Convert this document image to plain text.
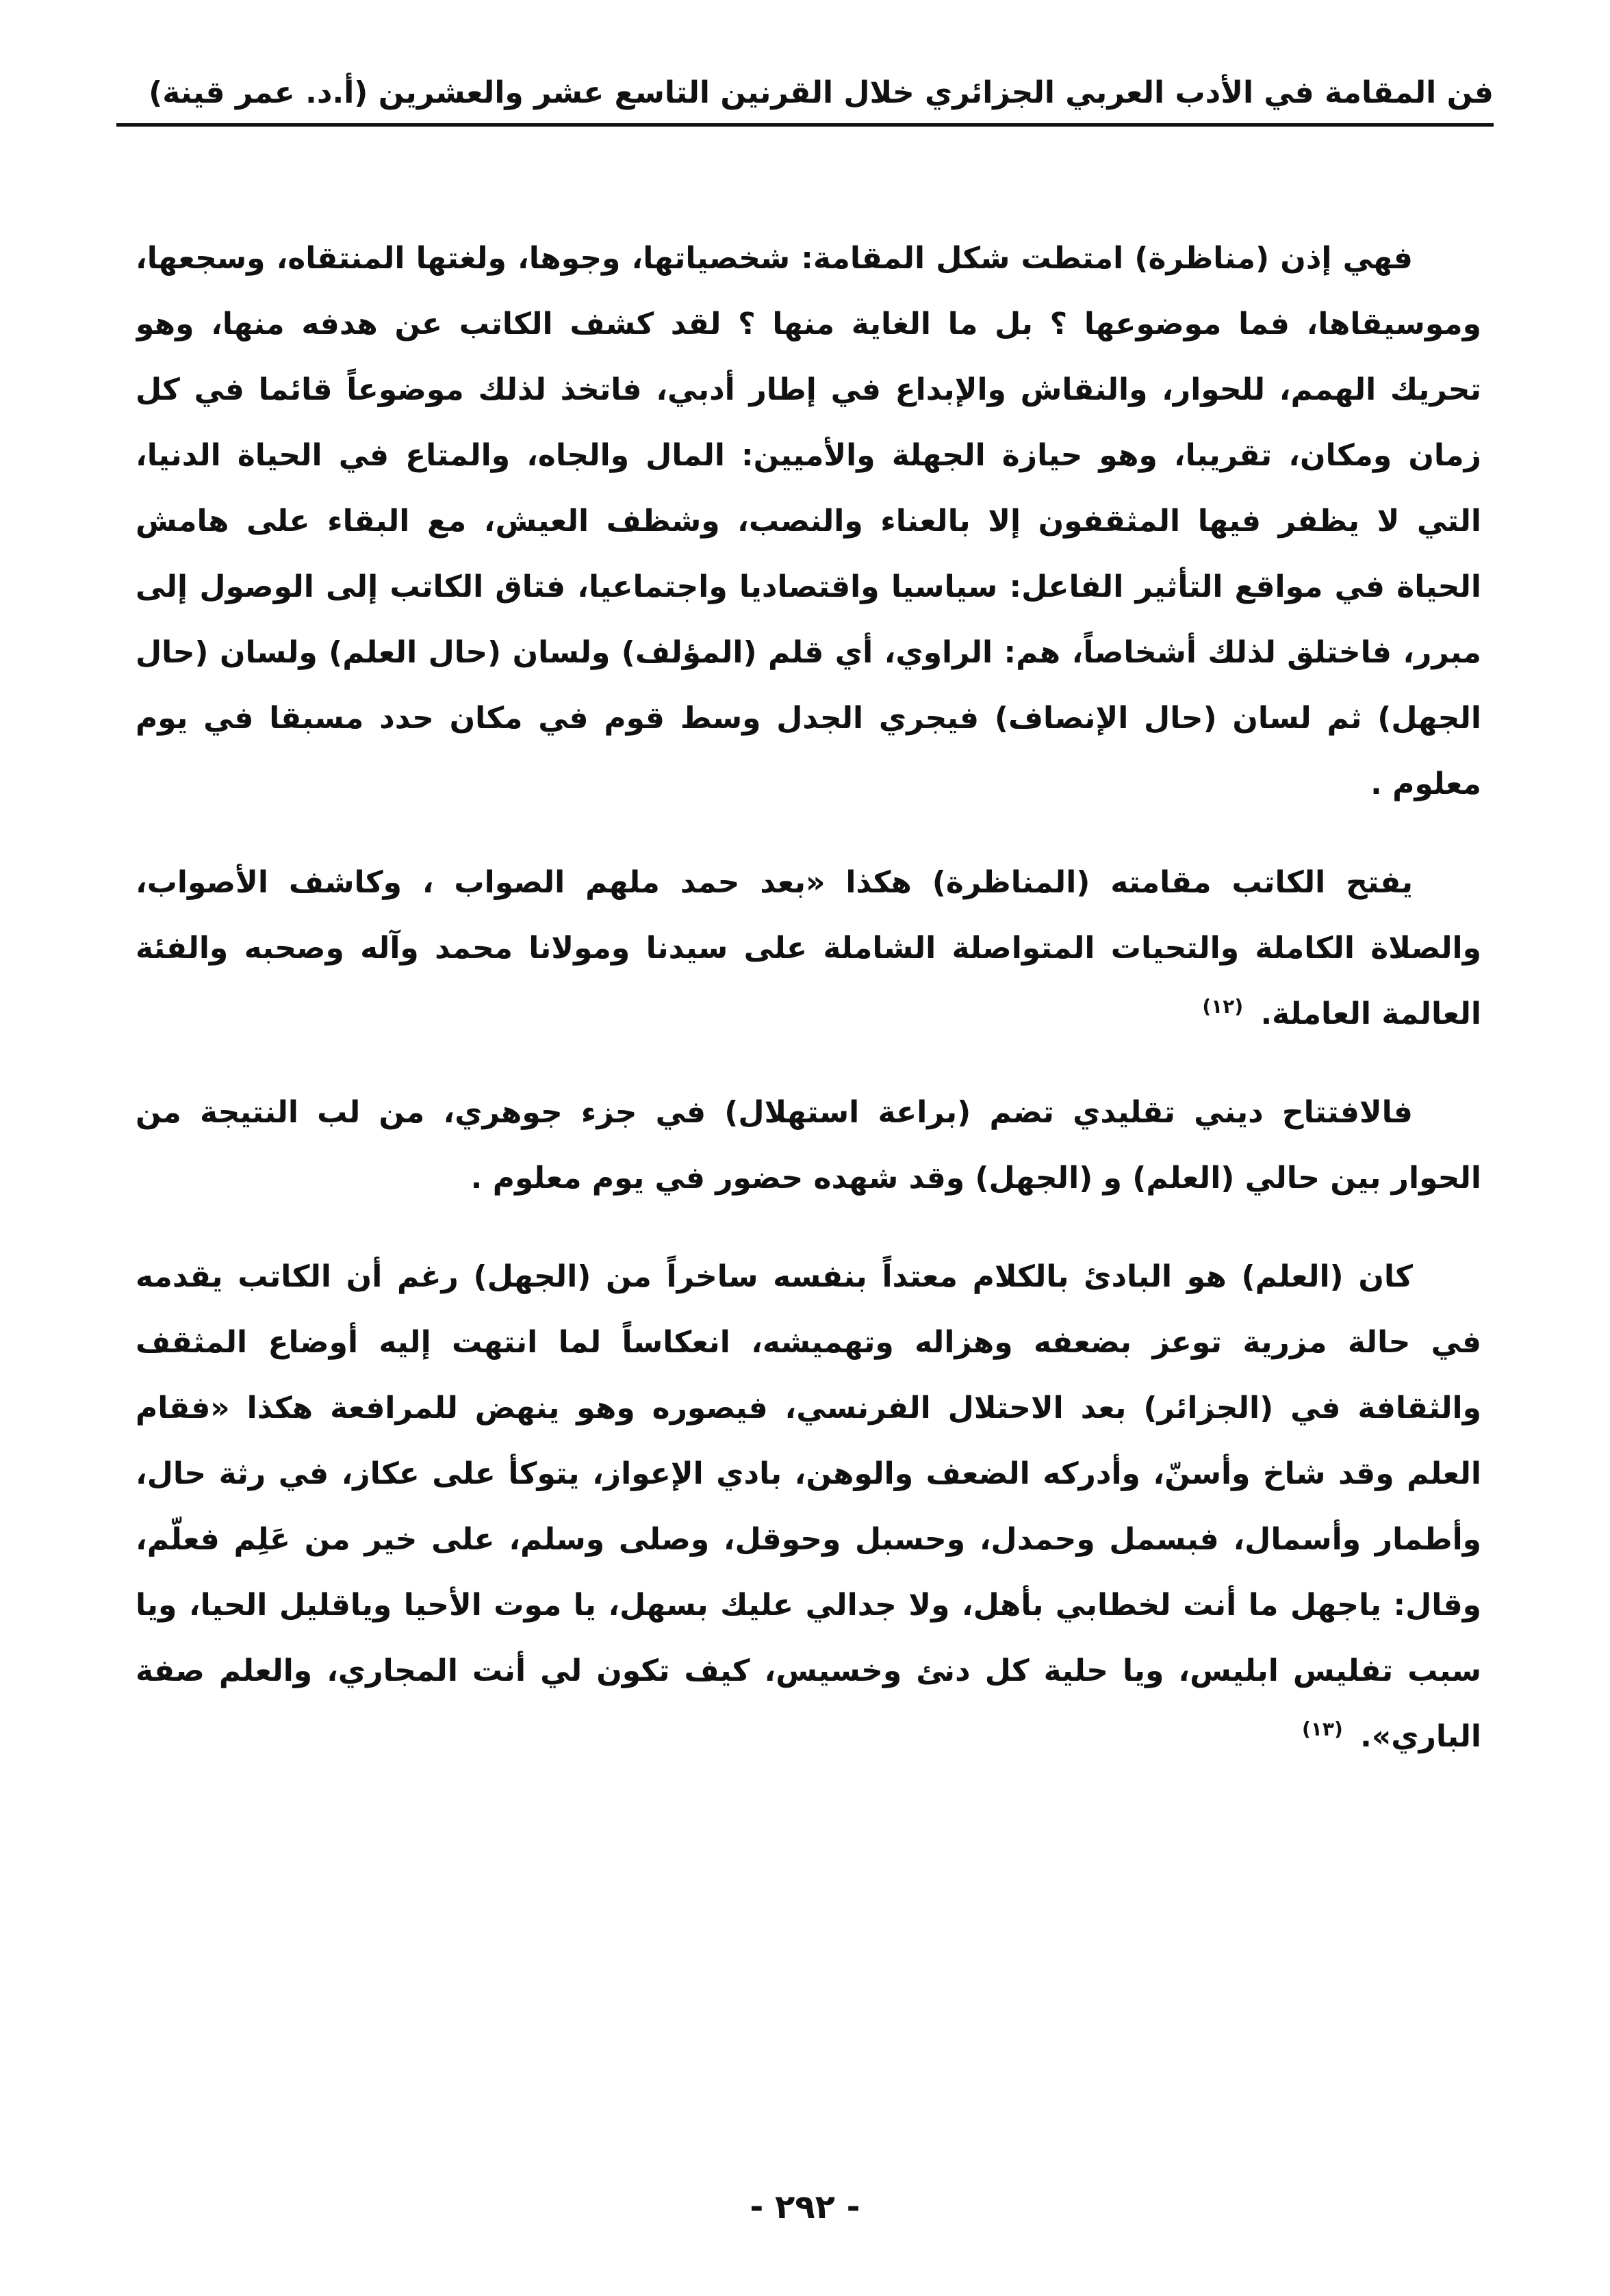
فن المقامة في الأدب العربي الجزائري خلال القرنين التاسع عشر والعشرين (أ.د. عمر قينة)

فهي إذن (مناظرة) امتطت شكل المقامة: شخصياتها، وجوها، ولغتها المنتقاه، وسجعها، وموسيقاها، فما موضوعها ؟ بل ما الغاية منها ؟ لقد كشف الكاتب عن هدفه منها، وهو تحريك الهمم، للحوار، والنقاش والإبداع في إطار أدبي، فاتخذ لذلك موضوعاً قائما في كل زمان ومكان، تقريبا، وهو حيازة الجهلة والأميين: المال والجاه، والمتاع في الحياة الدنيا، التي لا يظفر فيها المثقفون إلا بالعناء والنصب، وشظف العيش، مع البقاء على هامش الحياة في مواقع التأثير الفاعل: سياسيا واقتصاديا واجتماعيا، فتاق الكاتب إلى الوصول إلى مبرر، فاختلق لذلك أشخاصاً، هم: الراوي، أي قلم (المؤلف) ولسان (حال العلم) ولسان (حال الجهل) ثم لسان (حال الإنصاف) فيجري الجدل وسط قوم في مكان حدد مسبقا في يوم معلوم .

يفتح الكاتب مقامته (المناظرة) هكذا «بعد حمد ملهم الصواب ، وكاشف الأصواب، والصلاة الكاملة والتحيات المتواصلة الشاملة على سيدنا ومولانا محمد وآله وصحبه والفئة العالمة العاملة. $^{(١٢)}$

فالافتتاح ديني تقليدي تضم (براعة استهلال) في جزء جوهري، من لب النتيجة من الحوار بين حالي (العلم) و (الجهل) وقد شهده حضور في يوم معلوم .

كان (العلم) هو البادئ بالكلام معتداً بنفسه ساخراً من (الجهل) رغم أن الكاتب يقدمه في حالة مزرية توعز بضعفه وهزاله وتهميشه، انعكاساً لما انتهت إليه أوضاع المثقف والثقافة في (الجزائر) بعد الاحتلال الفرنسي، فيصوره وهو ينهض للمرافعة هكذا «فقام العلم وقد شاخ وأسنّ، وأدركه الضعف والوهن، بادي الإعواز، يتوكأ على عكاز، في رثة حال، وأطمار وأسمال، فبسمل وحمدل، وحسبل وحوقل، وصلى وسلم، على خير من عَلِم فعلّم، وقال: ياجهل ما أنت لخطابي بأهل، ولا جدالي عليك بسهل، يا موت الأحيا وياقليل الحيا، ويا سبب تفليس ابليس، ويا حلية كل دنئ وخسيس، كيف تكون لي أنت المجاري، والعلم صفة الباري». $^{(١٣)}$

- ٢٩٢ -
